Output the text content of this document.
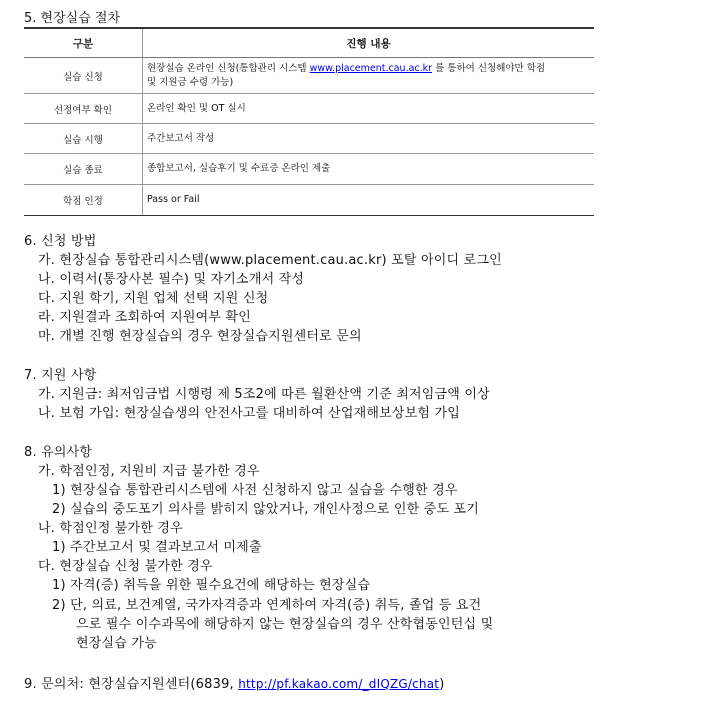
5. 현장실습 절차
구분	진행 내용
실습 신청	현장실습 온라인 신청(통합관리 시스템 www.placement.cau.ac.kr 를 통하여 신청해야만 학점
및 지원금 수령 가능)
선정여부 확인	온라인 확인 및 OT 실시
실습 시행	주간보고서 작성
실습 종료	종합보고서, 실습후기 및 수료증 온라인 제출
학점 인정	Pass or Fail
6. 신청 방법
가. 현장실습 통합관리시스템(www.placement.cau.ac.kr) 포탈 아이디 로그인
나. 이력서(통장사본 필수) 및 자기소개서 작성
다. 지원 학기, 지원 업체 선택 지원 신청
라. 지원결과 조회하여 지원여부 확인
마. 개별 진행 현장실습의 경우 현장실습지원센터로 문의
7. 지원 사항
가. 지원금: 최저임금법 시행령 제 5조2에 따른 월환산액 기준 최저임금액 이상
나. 보험 가입: 현장실습생의 안전사고를 대비하여 산업재해보상보험 가입
8. 유의사항
가. 학점인정, 지원비 지급 불가한 경우
1) 현장실습 통합관리시스템에 사전 신청하지 않고 실습을 수행한 경우
2) 실습의 중도포기 의사를 밝히지 않았거나, 개인사정으로 인한 중도 포기
나. 학점인정 불가한 경우
1) 주간보고서 및 결과보고서 미제출
다. 현장실습 신청 불가한 경우
1) 자격(증) 취득을 위한 필수요건에 해당하는 현장실습
2) 단, 의료, 보건계열, 국가자격증과 연계하여 자격(증) 취득, 졸업 등 요건
으로 필수 이수과목에 해당하지 않는 현장실습의 경우 산학협동인턴십 및
현장실습 가능
9. 문의처: 현장실습지원센터(6839, http://pf.kakao.com/_dIQZG/chat)
